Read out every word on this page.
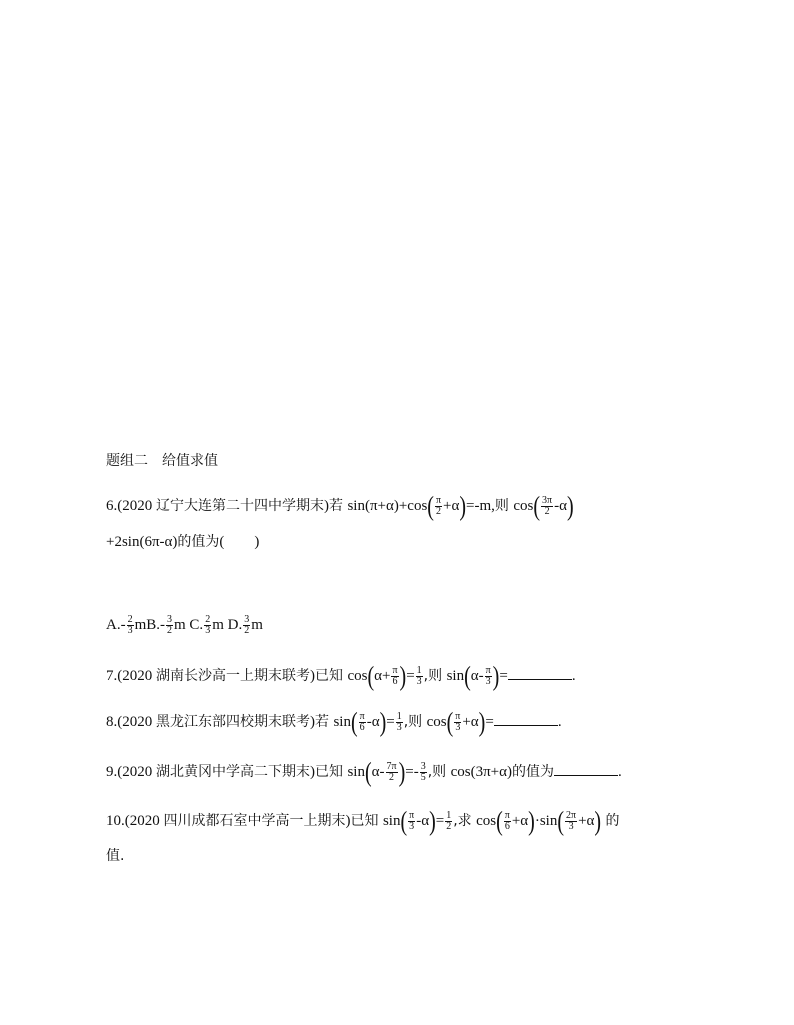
题组二　给值求值
6.(2020 辽宁大连第二十四中学期末)若 $\sin(\pi+\alpha)+\cos( \frac{\pi}{2} +\alpha)=-m$,则 $\cos( \frac{3\pi}{2} -\alpha)$
+2sin(6π-α)的值为(　　)
$A.- \frac{2}{3} mB.- \frac{3}{2}$ m C. $\frac{2}{3}$ m D. $\frac{3}{2}$ m
7.(2020 湖南长沙高一上期末联考)已知 $\cos(\alpha+ \frac{\pi}{6}$ )= $\frac{1}{3}$ ,则 $\sin(\alpha- \frac{\pi}{3}$ )=	.
8.(2020 黑龙江东部四校期末联考)若 $\sin( \frac{\pi}{6} -\alpha)= \frac{1}{3}$ ,则 $\cos( \frac{\pi}{3} +\alpha)=$	.
9.(2020 湖北黄冈中学高二下期末)已知 $\sin(\alpha- \frac{7\pi}{2}$ )=- $\frac{3}{5}$ ,则 cos(3π+α)的值为	.
10.(2020 四川成都石室中学高一上期末)已知 $\sin( \frac{\pi}{3} -\alpha)= \frac{1}{2}$ ,求 $\cos( \frac{\pi}{6} +\alpha)\cdot\sin( \frac{2\pi}{3} +\alpha)$ 的
值.
